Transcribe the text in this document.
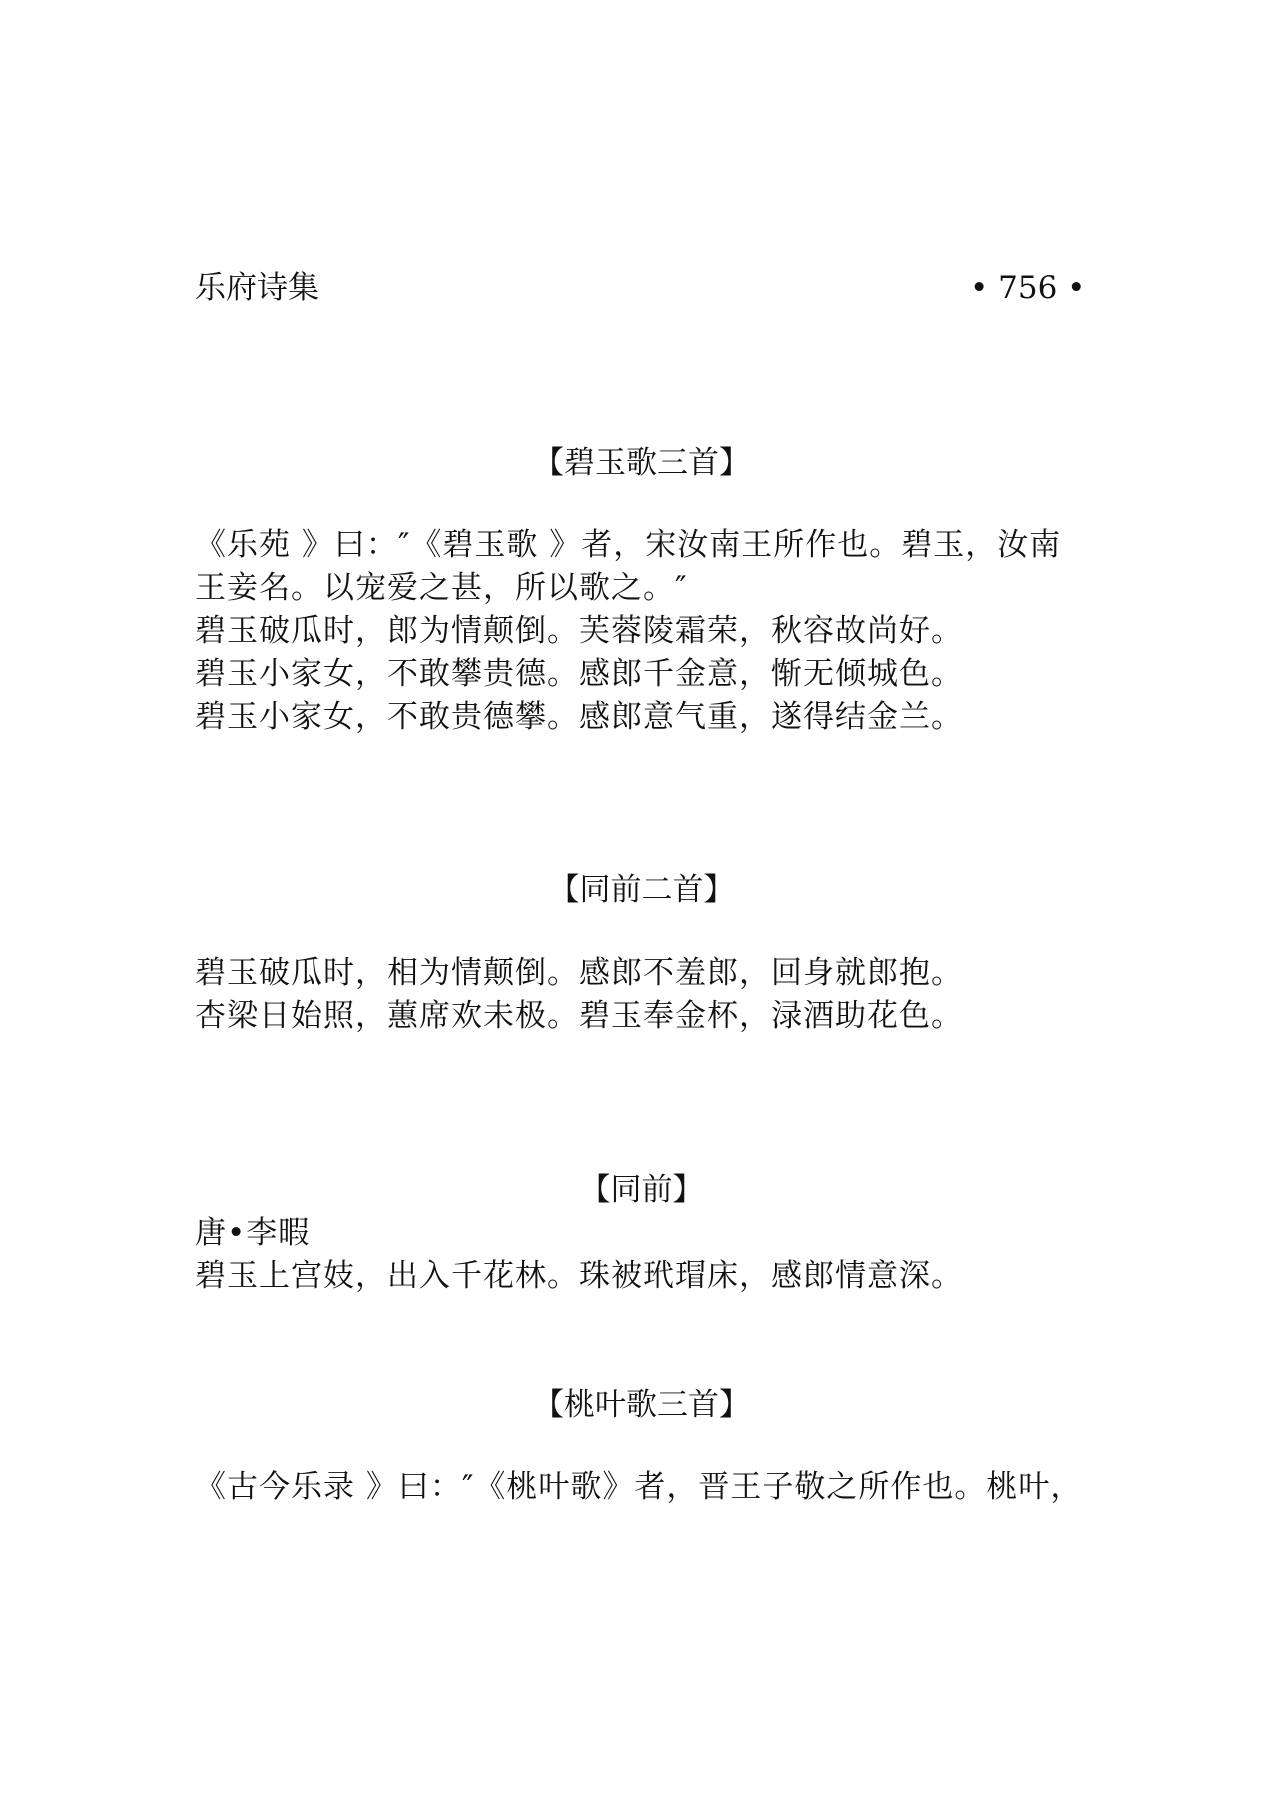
乐府诗集	• 756 •
【碧玉歌三首】
《乐苑 》曰：″《碧玉歌 》者，宋汝南王所作也。碧玉，汝南
王妾名。以宠爱之甚，所以歌之。″
碧玉破瓜时，郎为情颠倒。芙蓉陵霜荣，秋容故尚好。
碧玉小家女，不敢攀贵德。感郎千金意，惭无倾城色。
碧玉小家女，不敢贵德攀。感郎意气重，遂得结金兰。
【同前二首】
碧玉破瓜时，相为情颠倒。感郎不羞郎，回身就郎抱。
杏梁日始照，蕙席欢未极。碧玉奉金杯，渌酒助花色。
【同前】
唐•李暇
碧玉上宫妓，出入千花林。珠被玳瑁床，感郎情意深。
【桃叶歌三首】
《古今乐录 》曰：″《桃叶歌》者，晋王子敬之所作也。桃叶，
